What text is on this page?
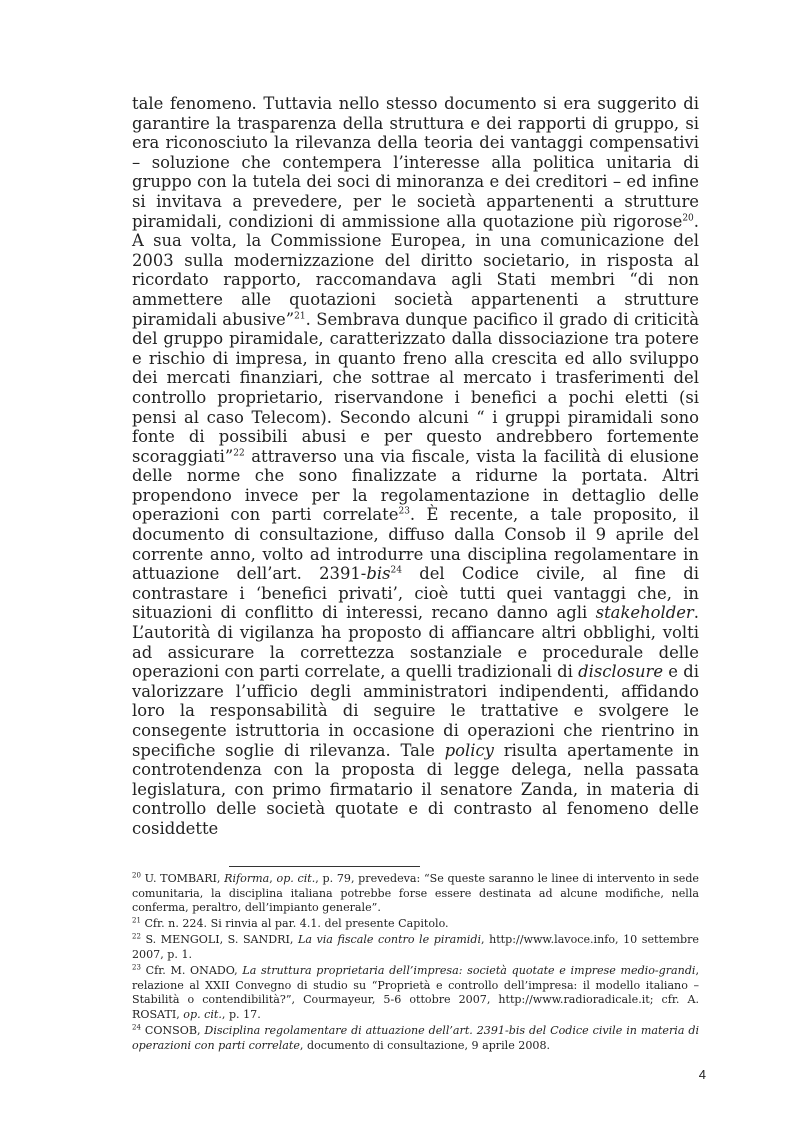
tale fenomeno. Tuttavia nello stesso documento si era suggerito di garantire la trasparenza della struttura e dei rapporti di gruppo, si era riconosciuto la rilevanza della teoria dei vantaggi compensativi – soluzione che contempera l’interesse alla politica unitaria di gruppo con la tutela dei soci di minoranza e dei creditori – ed infine si invitava a prevedere, per le società appartenenti a strutture piramidali, condizioni di ammissione alla quotazione più rigorose$^{20}$. A sua volta, la Commissione Europea, in una comunicazione del 2003 sulla modernizzazione del diritto societario, in risposta al ricordato rapporto, raccomandava agli Stati membri “di non ammettere alle quotazioni società appartenenti a strutture piramidali abusive”$^{21}$. Sembrava dunque pacifico il grado di criticità del gruppo piramidale, caratterizzato dalla dissociazione tra potere e rischio di impresa, in quanto freno alla crescita ed allo sviluppo dei mercati finanziari, che sottrae al mercato i trasferimenti del controllo proprietario, riservandone i benefici a pochi eletti (si pensi al caso Telecom). Secondo alcuni “ i gruppi piramidali sono fonte di possibili abusi e per questo andrebbero fortemente scoraggiati”$^{22}$ attraverso una via fiscale, vista la facilità di elusione delle norme che sono finalizzate a ridurne la portata. Altri propendono invece per la regolamentazione in dettaglio delle operazioni con parti correlate$^{23}$. È recente, a tale proposito, il documento di consultazione, diffuso dalla Consob il 9 aprile del corrente anno, volto ad introdurre una disciplina regolamentare in attuazione dell’art. 2391-bis$^{24}$ del Codice civile, al fine di contrastare i ‘benefici privati’, cioè tutti quei vantaggi che, in situazioni di conflitto di interessi, recano danno agli stakeholder. L’autorità di vigilanza ha proposto di affiancare altri obblighi, volti ad assicurare la correttezza sostanziale e procedurale delle operazioni con parti correlate, a quelli tradizionali di disclosure e di valorizzare l’ufficio degli amministratori indipendenti, affidando loro la responsabilità di seguire le trattative e svolgere le consegente istruttoria in occasione di operazioni che rientrino in specifiche soglie di rilevanza. Tale policy risulta apertamente in controtendenza con la proposta di legge delega, nella passata legislatura, con primo firmatario il senatore Zanda, in materia di controllo delle società quotate e di contrasto al fenomeno delle cosiddette

$^{20}$ U. TOMBARI, Riforma, op. cit., p. 79, prevedeva: “Se queste saranno le linee di intervento in sede comunitaria, la disciplina italiana potrebbe forse essere destinata ad alcune modifiche, nella conferma, peraltro, dell’impianto generale”.
$^{21}$ Cfr. n. 224. Si rinvia al par. 4.1. del presente Capitolo.
$^{22}$ S. MENGOLI, S. SANDRI, La via fiscale contro le piramidi, http://www.lavoce.info, 10 settembre 2007, p. 1.
$^{23}$ Cfr. M. ONADO, La struttura proprietaria dell’impresa: società quotate e imprese medio-grandi, relazione al XXII Convegno di studio su “Proprietà e controllo dell’impresa: il modello italiano – Stabilità o contendibilità?”, Courmayeur, 5-6 ottobre 2007, http://www.radioradicale.it; cfr. A. ROSATI, op. cit., p. 17.
$^{24}$ CONSOB, Disciplina regolamentare di attuazione dell’art. 2391-bis del Codice civile in materia di operazioni con parti correlate, documento di consultazione, 9 aprile 2008.
4
